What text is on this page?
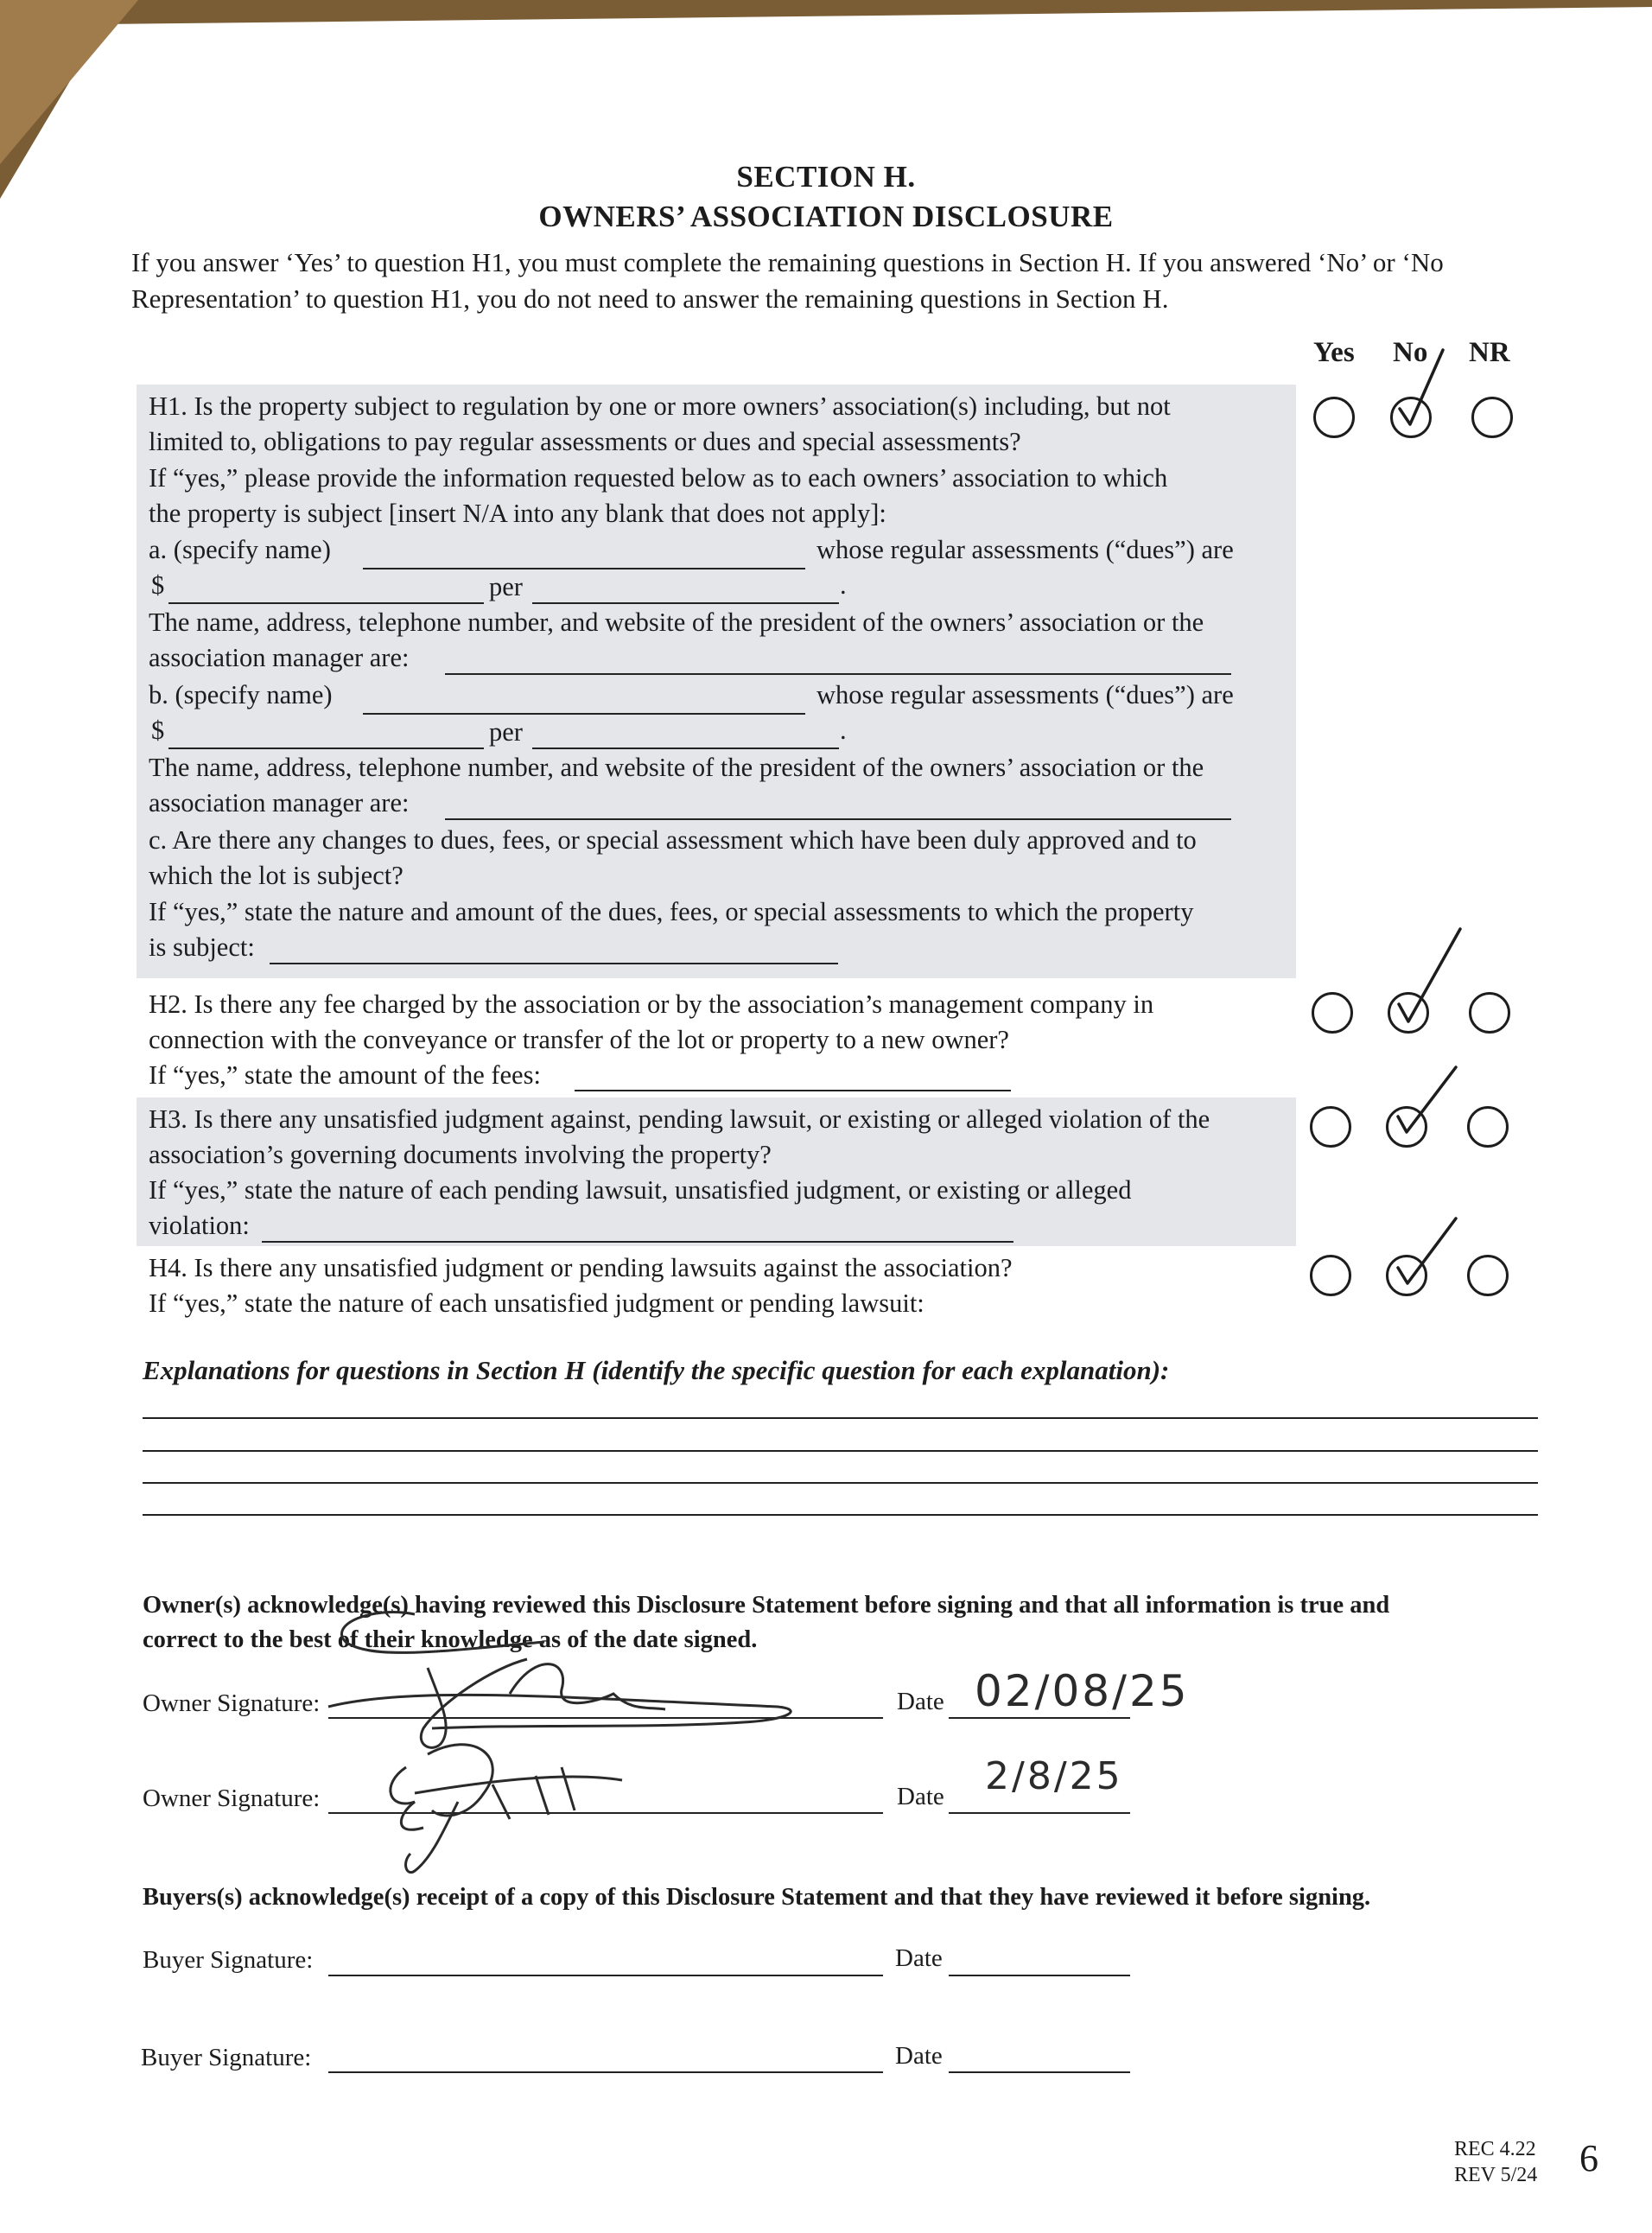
SECTION H.
OWNERS’ ASSOCIATION DISCLOSURE
If you answer ‘Yes’ to question H1, you must complete the remaining questions in Section H. If you answered ‘No’ or ‘No
Representation’ to question H1, you do not need to answer the remaining questions in Section H.
Yes No NR
H1. Is the property subject to regulation by one or more owners’ association(s) including, but not
limited to, obligations to pay regular assessments or dues and special assessments?
If “yes,” please provide the information requested below as to each owners’ association to which
the property is subject [insert N/A into any blank that does not apply]:
a. (specify name)	whose regular assessments (“dues”) are
$	per	.
The name, address, telephone number, and website of the president of the owners’ association or the
association manager are:
b. (specify name)	whose regular assessments (“dues”) are
$	per	.
The name, address, telephone number, and website of the president of the owners’ association or the
association manager are:
c. Are there any changes to dues, fees, or special assessment which have been duly approved and to
which the lot is subject?
If “yes,” state the nature and amount of the dues, fees, or special assessments to which the property
is subject:
H2. Is there any fee charged by the association or by the association’s management company in
connection with the conveyance or transfer of the lot or property to a new owner?
If “yes,” state the amount of the fees:
H3. Is there any unsatisfied judgment against, pending lawsuit, or existing or alleged violation of the
association’s governing documents involving the property?
If “yes,” state the nature of each pending lawsuit, unsatisfied judgment, or existing or alleged
violation:
H4. Is there any unsatisfied judgment or pending lawsuits against the association?
If “yes,” state the nature of each unsatisfied judgment or pending lawsuit:
Explanations for questions in Section H (identify the specific question for each explanation):
Owner(s) acknowledge(s) having reviewed this Disclosure Statement before signing and that all information is true and
correct to the best of their knowledge as of the date signed.
Owner Signature:	Date 02/08/25
Owner Signature:	Date 2/8/25
Buyers(s) acknowledge(s) receipt of a copy of this Disclosure Statement and that they have reviewed it before signing.
Buyer Signature:	Date
Buyer Signature:	Date
REC 4.22
REV 5/24 6
